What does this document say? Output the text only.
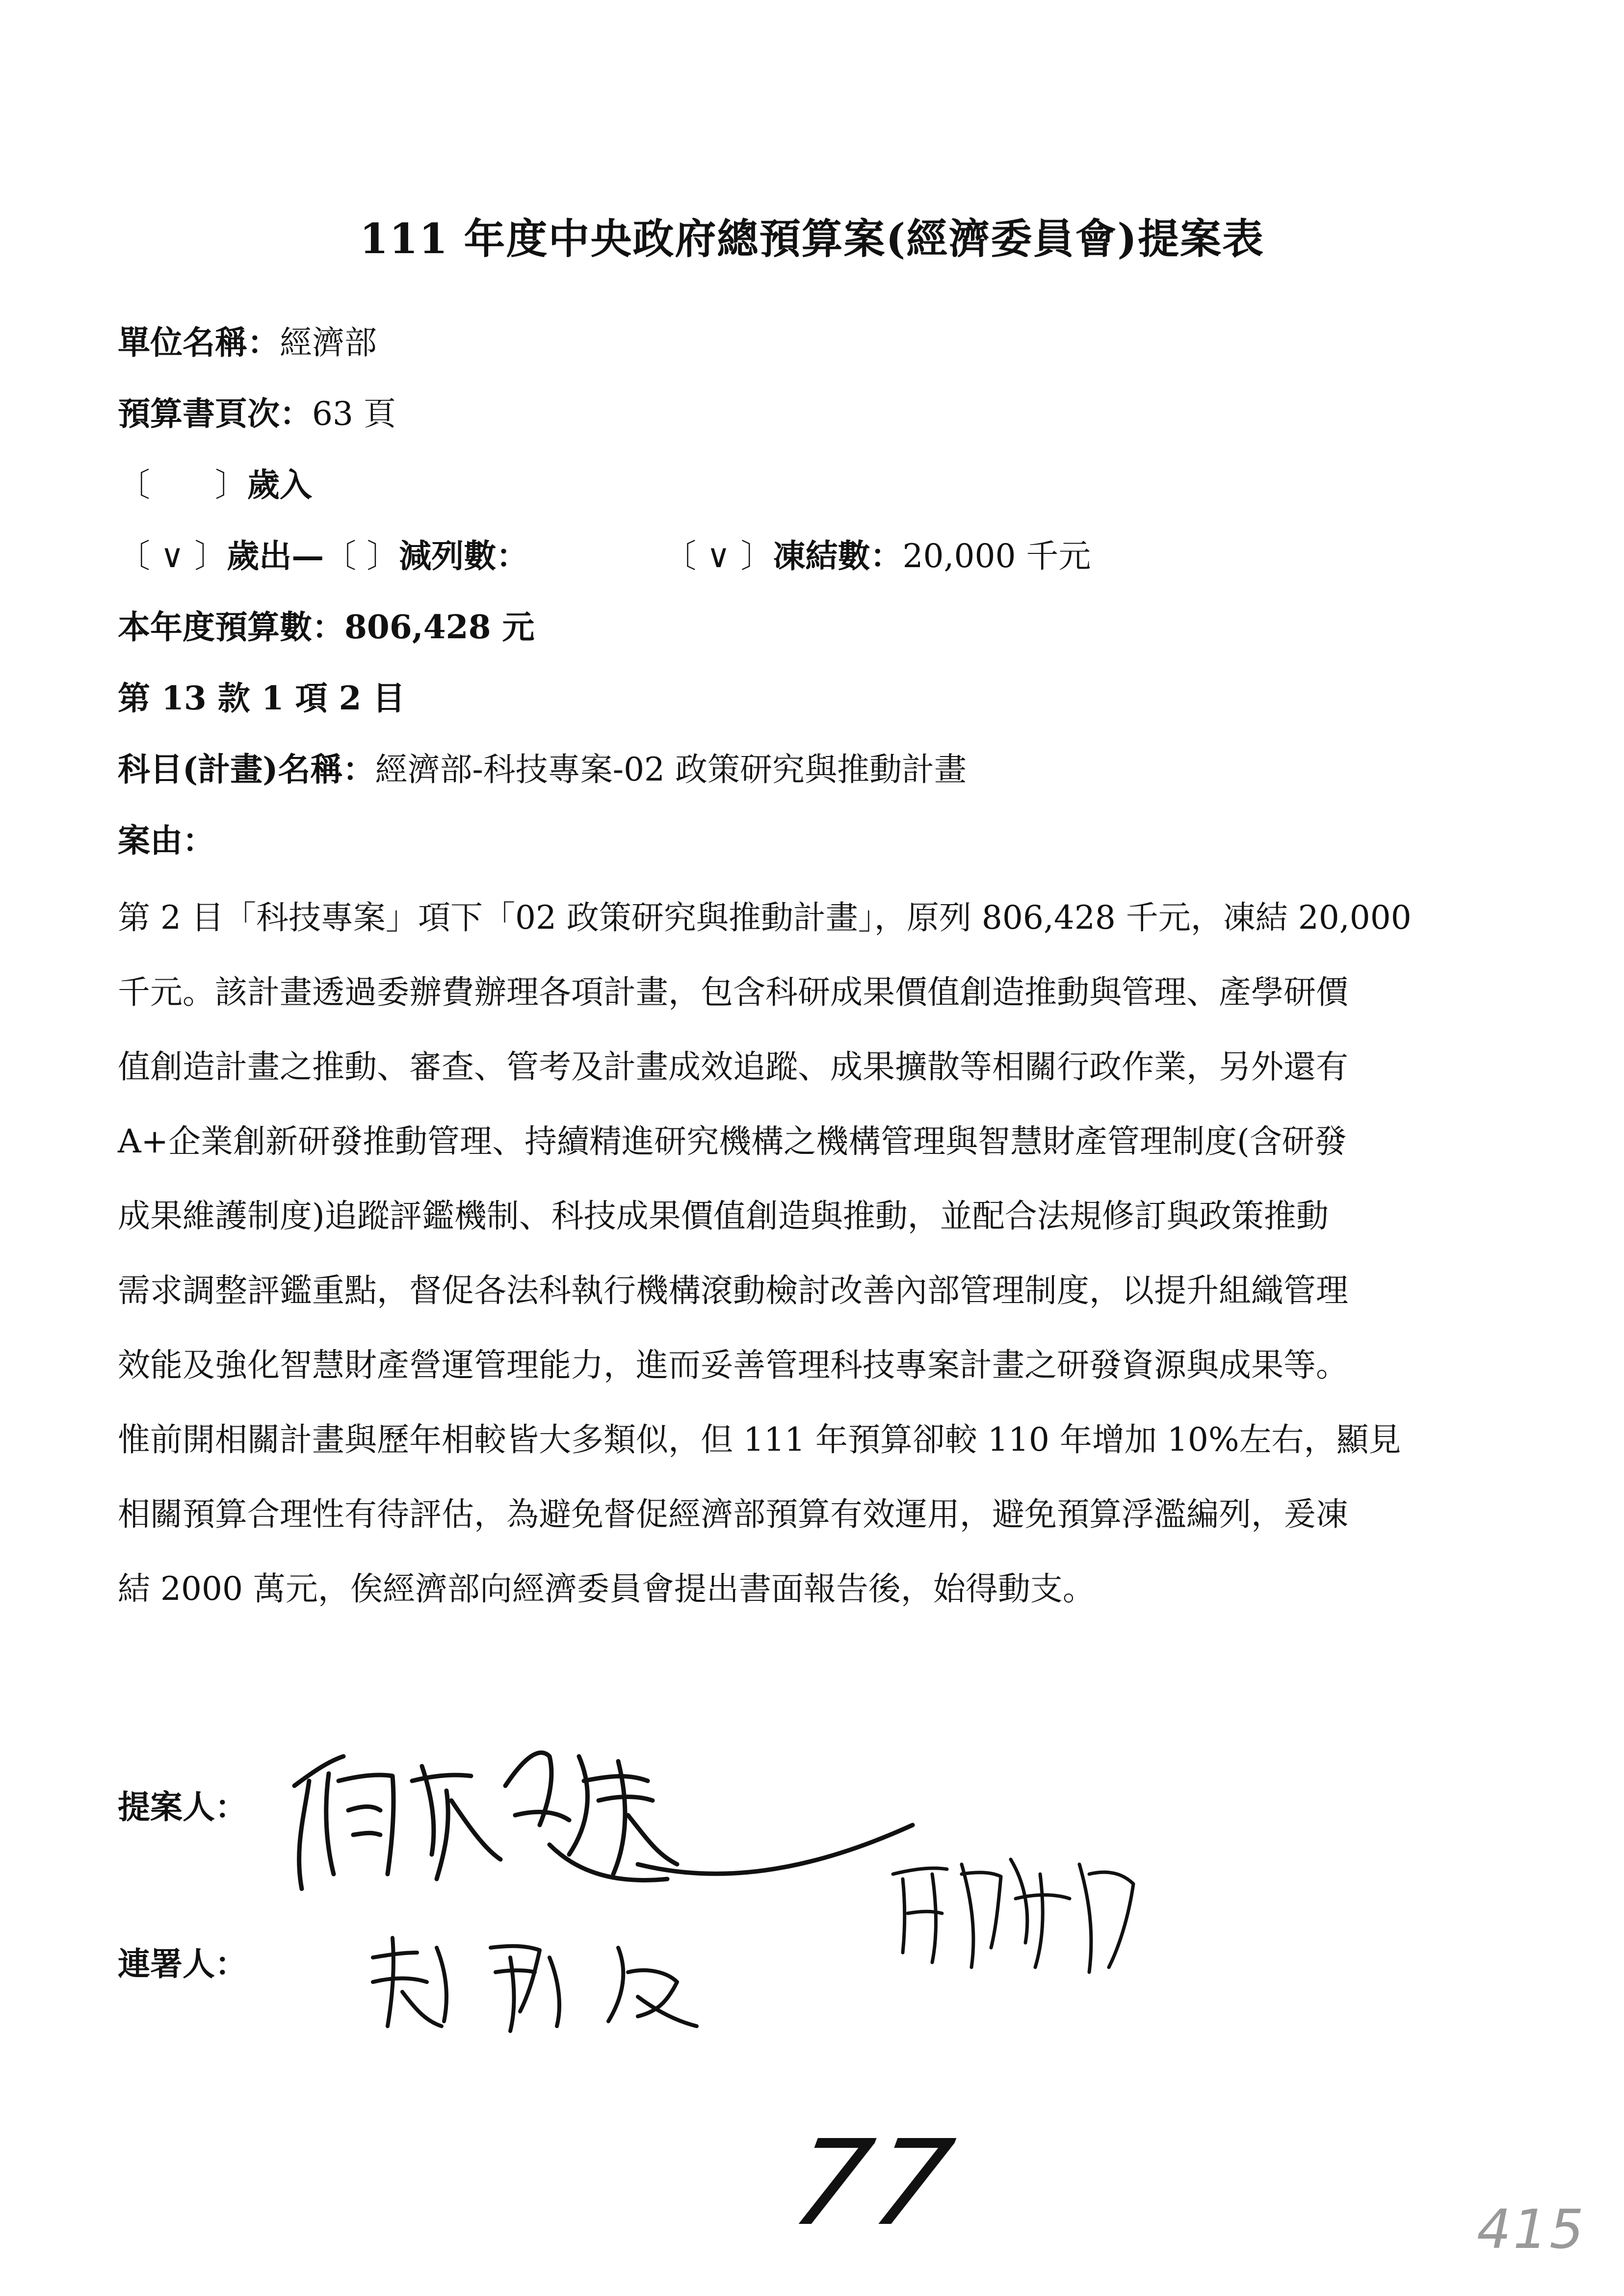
111 年度中央政府總預算案(經濟委員會)提案表
單位名稱：經濟部
預算書頁次：63 頁
〔　　〕歲入
〔 ∨ 〕歲出—〔 〕減列數：	〔 ∨ 〕凍結數：20,000 千元
本年度預算數：806,428 元
第 13 款 1 項 2 目
科目(計畫)名稱：經濟部-科技專案-02 政策研究與推動計畫
案由：
第 2 目「科技專案」項下「02 政策研究與推動計畫」，原列 806,428 千元，凍結 20,000
千元。該計畫透過委辦費辦理各項計畫，包含科研成果價值創造推動與管理、產學研價
值創造計畫之推動、審查、管考及計畫成效追蹤、成果擴散等相關行政作業，另外還有
A+企業創新研發推動管理、持續精進研究機構之機構管理與智慧財產管理制度(含研發
成果維護制度)追蹤評鑑機制、科技成果價值創造與推動，並配合法規修訂與政策推動
需求調整評鑑重點，督促各法科執行機構滾動檢討改善內部管理制度，以提升組織管理
效能及強化智慧財產營運管理能力，進而妥善管理科技專案計畫之研發資源與成果等。
惟前開相關計畫與歷年相較皆大多類似，但 111 年預算卻較 110 年增加 10%左右，顯見
相關預算合理性有待評估，為避免督促經濟部預算有效運用，避免預算浮濫編列，爰凍
結 2000 萬元，俟經濟部向經濟委員會提出書面報告後，始得動支。
提案人：
連署人：
77	415
